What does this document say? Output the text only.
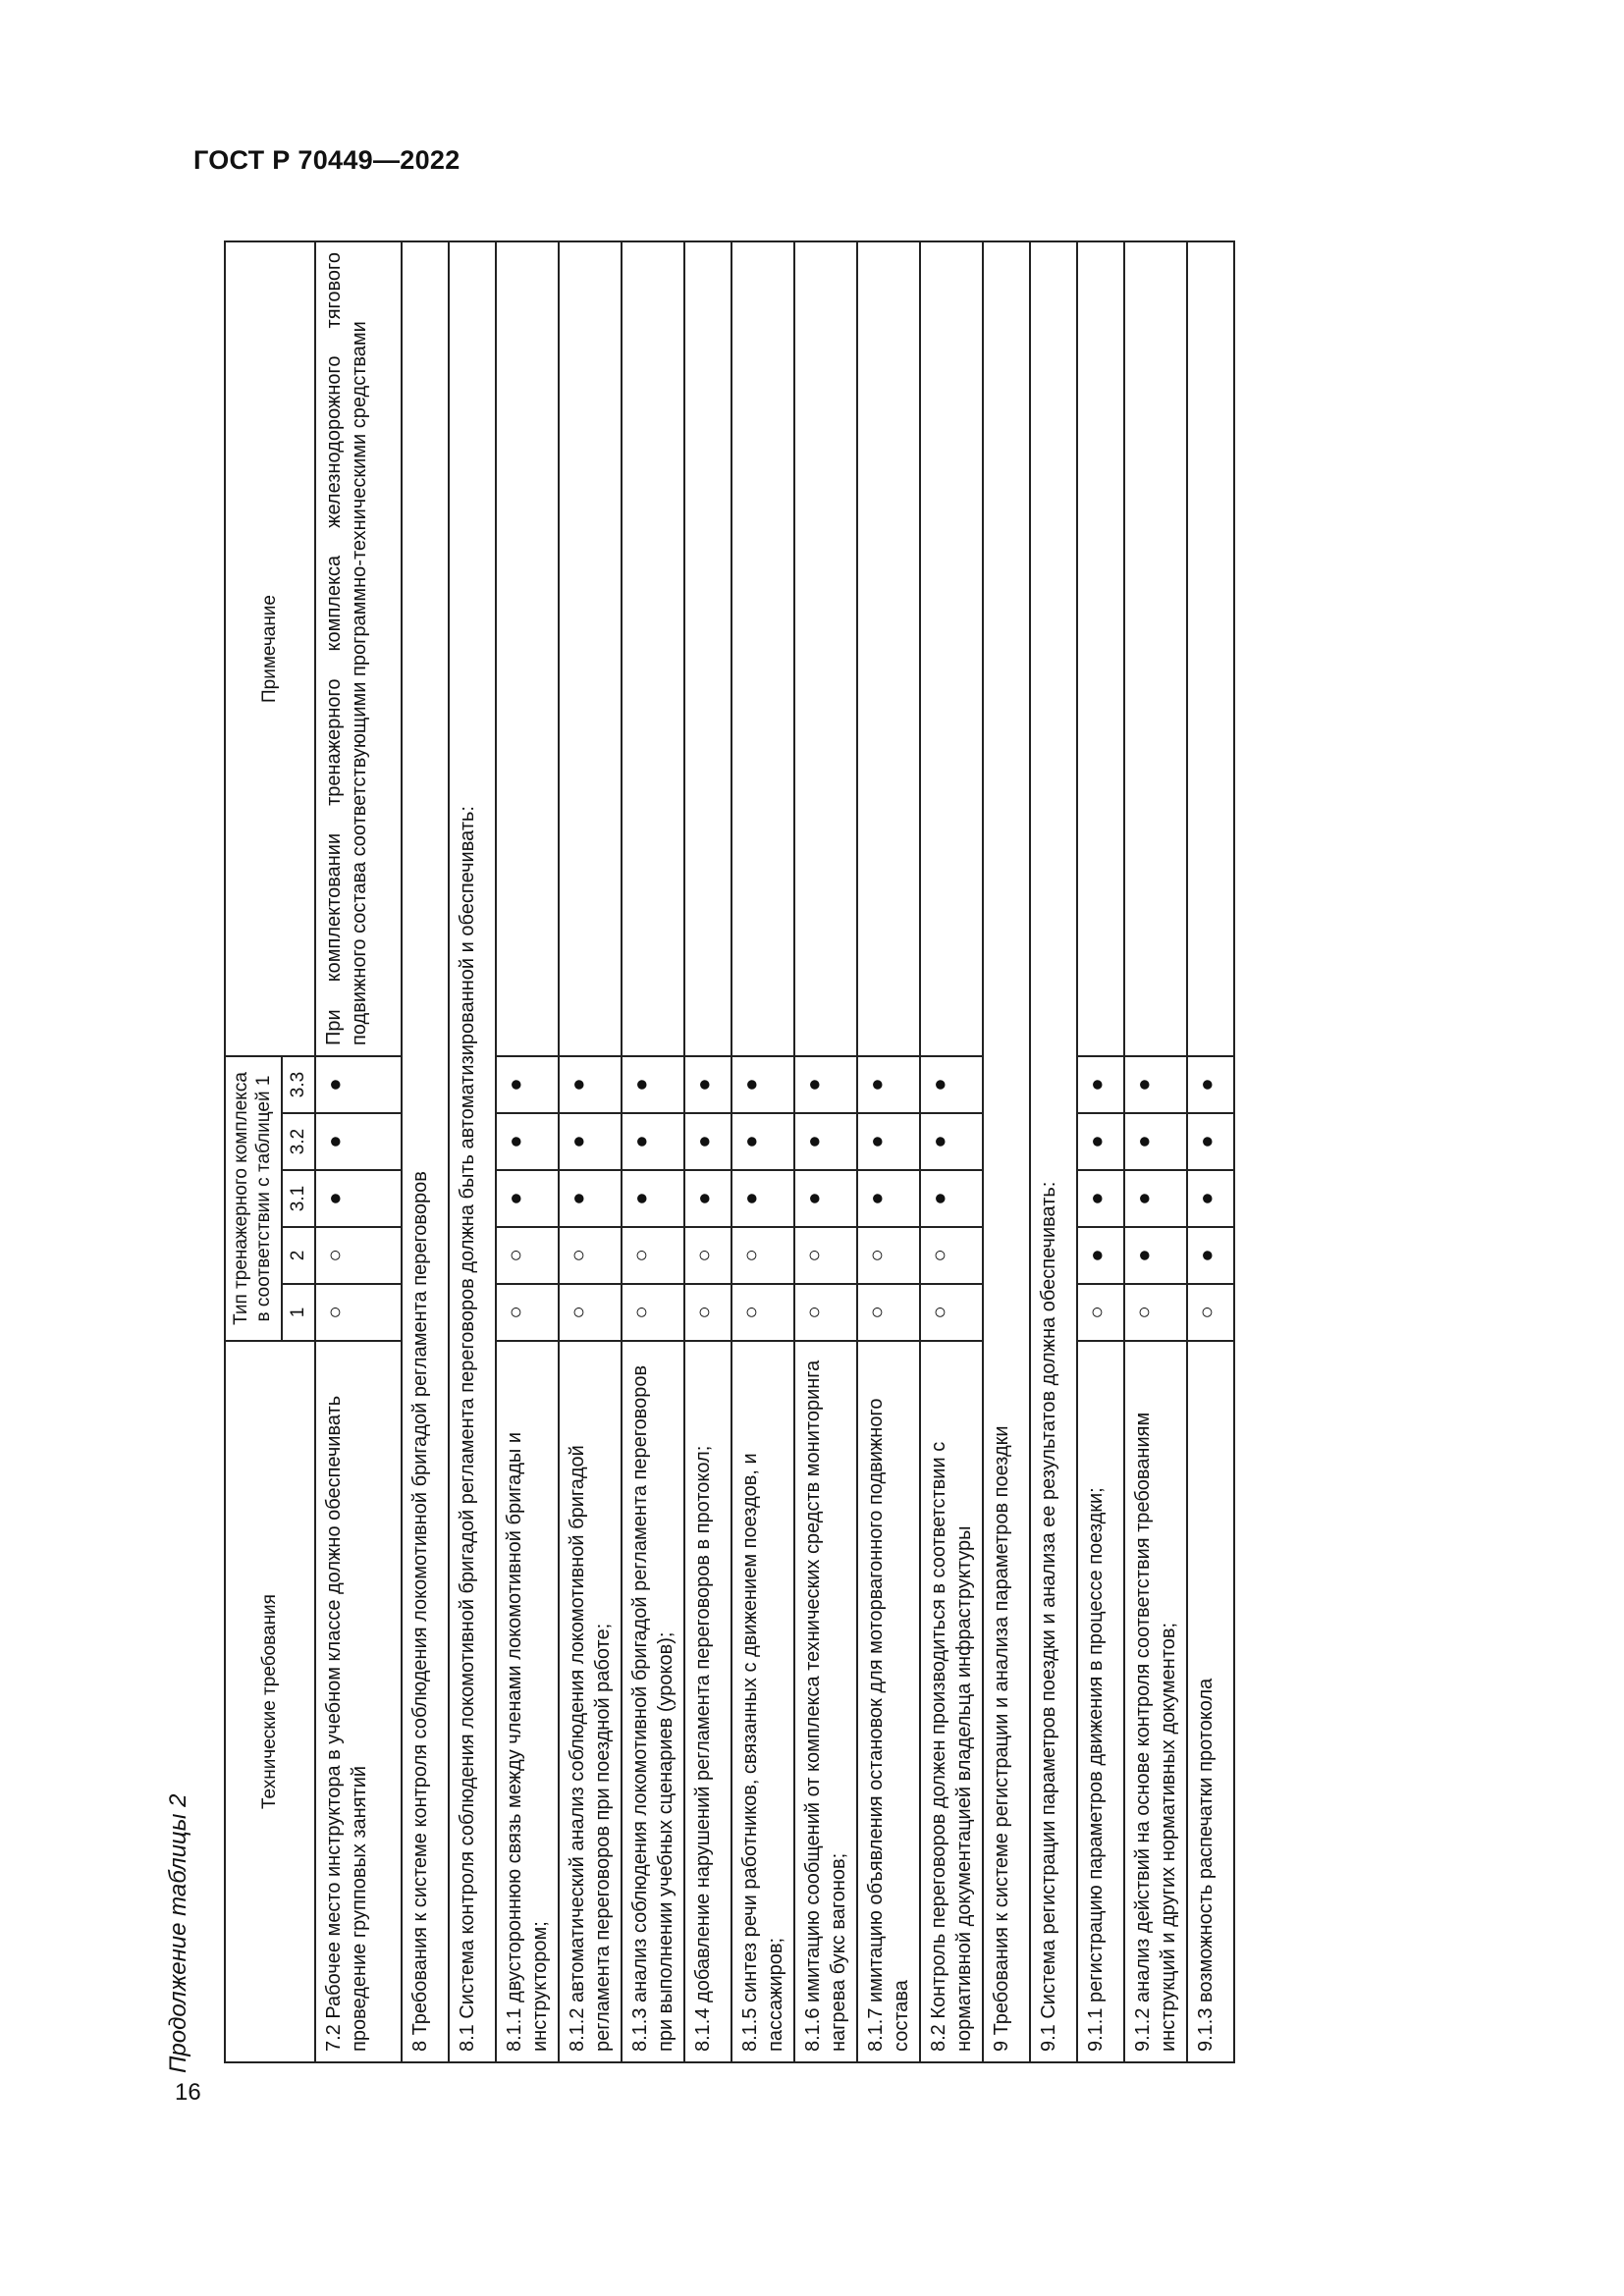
ГОСТ Р 70449—2022
16
Продолжение таблицы 2
Технические требования	Тип тренажерного комплекса в соответствии с таблицей 1					Примечание
	1	2	3.1	3.2	3.3	
7.2 Рабочее место инструктора в учебном классе должно обеспечивать проведение групповых занятий	○	○	●	●	●	При комплектовании тренажерного комплекса железнодорожного тягового подвижного состава соответствующими программно-техническими средствами
8 Требования к системе контроля соблюдения локомотивной бригадой регламента переговоров						
8.1 Система контроля соблюдения локомотивной бригадой регламента переговоров должна быть автоматизированной и обеспечивать:						
8.1.1 двустороннюю связь между членами локомотивной бригады и инструктором;	○	○	●	●	●	
8.1.2 автоматический анализ соблюдения локомотивной бригадой регламента переговоров при поездной работе;	○	○	●	●	●	
8.1.3 анализ соблюдения локомотивной бригадой регламента переговоров при выполнении учебных сценариев (уроков);	○	○	●	●	●	
8.1.4 добавление нарушений регламента переговоров в протокол;	○	○	●	●	●	
8.1.5 синтез речи работников, связанных с движением поездов, и пассажиров;	○	○	●	●	●	
8.1.6 имитацию сообщений от комплекса технических средств мониторинга нагрева букс вагонов;	○	○	●	●	●	
8.1.7 имитацию объявления остановок для моторвагонного подвижного состава	○	○	●	●	●	
8.2 Контроль переговоров должен производиться в соответствии с нормативной документацией владельца инфраструктуры	○	○	●	●	●	
9 Требования к системе регистрации и анализа параметров поездки						
9.1 Система регистрации параметров поездки и анализа ее результатов должна обеспечивать:						
9.1.1 регистрацию параметров движения в процессе поездки;	○	●	●	●	●	
9.1.2 анализ действий на основе контроля соответствия требованиям инструкций и других нормативных документов;	○	●	●	●	●	
9.1.3 возможность распечатки протокола	○	●	●	●	●	
